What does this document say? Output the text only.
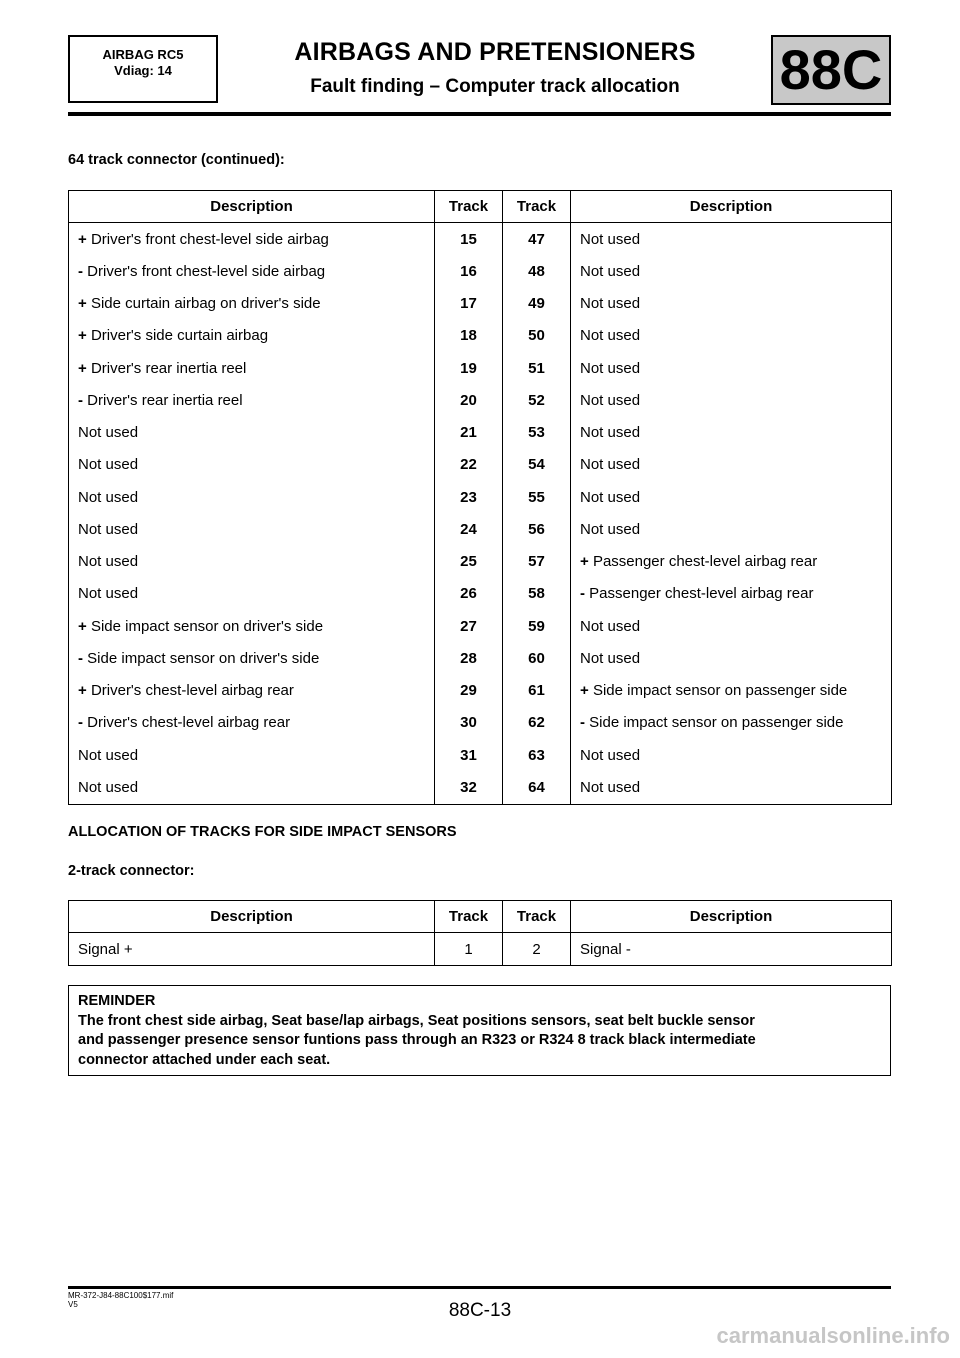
AIRBAG RC5
Vdiag: 14
AIRBAGS AND PRETENSIONERS
Fault finding – Computer track allocation	88C
64 track connector (continued):
Description	Track	Track	Description
+ Driver's front chest-level side airbag	15	47	Not used
- Driver's front chest-level side airbag	16	48	Not used
+ Side curtain airbag on driver's side	17	49	Not used
+ Driver's side curtain airbag	18	50	Not used
+ Driver's rear inertia reel	19	51	Not used
- Driver's rear inertia reel	20	52	Not used
Not used	21	53	Not used
Not used	22	54	Not used
Not used	23	55	Not used
Not used	24	56	Not used
Not used	25	57	+ Passenger chest-level airbag rear
Not used	26	58	- Passenger chest-level airbag rear
+ Side impact sensor on driver's side	27	59	Not used
- Side impact sensor on driver's side	28	60	Not used
+ Driver's chest-level airbag rear	29	61	+ Side impact sensor on passenger side
- Driver's chest-level airbag rear	30	62	- Side impact sensor on passenger side
Not used	31	63	Not used
Not used	32	64	Not used
ALLOCATION OF TRACKS FOR SIDE IMPACT SENSORS
2-track connector:
Description	Track	Track	Description
Signal +	1	2	Signal -
REMINDER
The front chest side airbag, Seat base/lap airbags, Seat positions sensors, seat belt buckle sensor
and passenger presence sensor funtions pass through an R323 or R324 8 track black intermediate
connector attached under each seat.
MR-372-J84-88C100$177.mif
V5	88C-13
carmanualsonline.info
